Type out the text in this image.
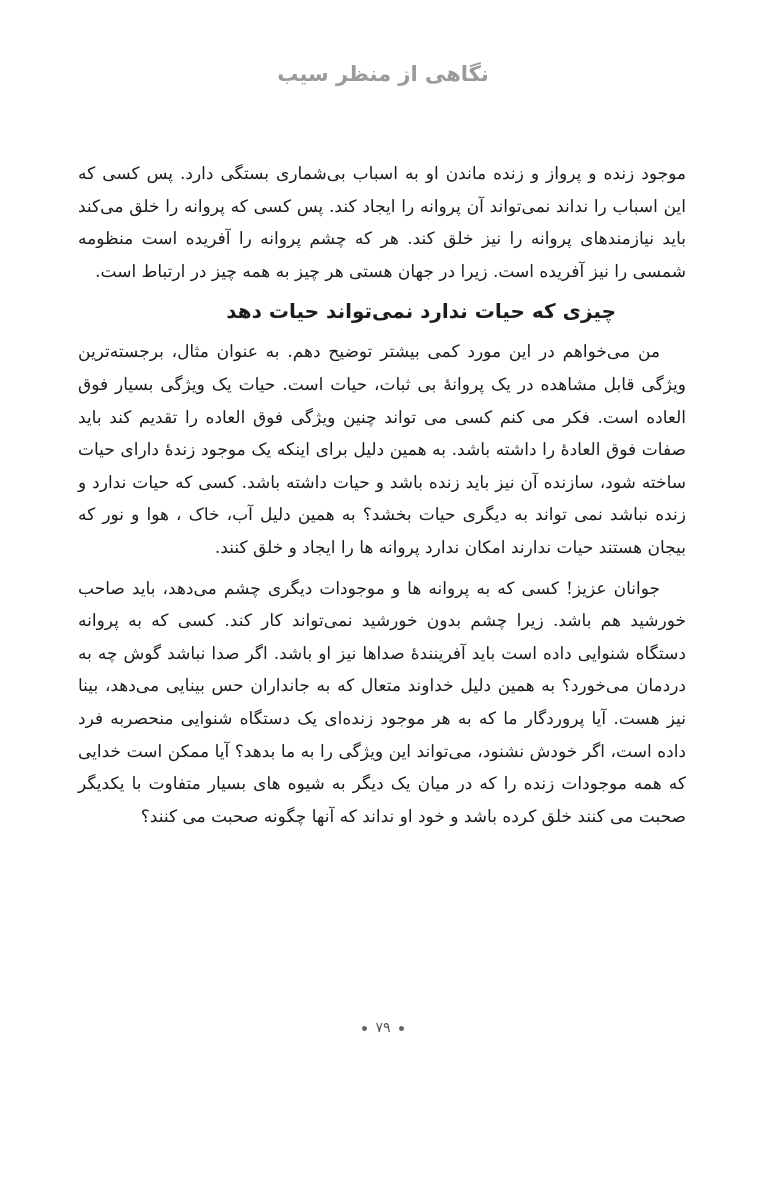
نگاهی از منظر سیب

موجود زنده و پرواز و زنده ماندن او به اسباب بی‌شماری بستگی دارد. پس کسی که این اسباب را نداند نمی‌تواند آن پروانه را ایجاد کند. پس کسی که پروانه را خلق می‌کند باید نیازمندهای پروانه را نیز خلق کند. هر که چشم پروانه را آفریده است منظومه شمسی را نیز آفریده است. زیرا در جهان هستی هر چیز به همه چیز در ارتباط است.

چیزی که حیات ندارد نمی‌تواند حیات دهد

من می‌خواهم در این مورد کمی بیشتر توضیح دهم. به عنوان مثال، برجسته‌ترین ویژگی قابل مشاهده در یک پروانهٔ بی ثبات، حیات است. حیات یک ویژگی بسیار فوق العاده است. فکر می کنم کسی می تواند چنین ویژگی فوق العاده را تقدیم کند باید صفات فوق العادهٔ را داشته باشد. به همین دلیل برای اینکه یک موجود زندهٔ دارای حیات ساخته شود، سازنده آن نیز باید زنده باشد و حیات داشته باشد. کسی که حیات ندارد و زنده نباشد نمی تواند به دیگری حیات بخشد؟ به همین دلیل آب، خاک ، هوا و نور که بیجان هستند حیات ندارند امکان ندارد پروانه ها را ایجاد و خلق کنند.

جوانان عزیز! کسی که به پروانه ها و موجودات دیگری چشم می‌دهد، باید صاحب خورشید هم باشد. زیرا چشم بدون خورشید نمی‌تواند کار کند. کسی که به پروانه دستگاه شنوایی داده است باید آفرینندهٔ صداها نیز او باشد. اگر صدا نباشد گوش چه به دردمان می‌خورد؟ به همین دلیل خداوند متعال که به جانداران حس بینایی می‌دهد، بینا نیز هست. آیا پروردگار ما که به هر موجود زنده‌ای یک دستگاه شنوایی منحصربه فرد داده است، اگر خودش نشنود، می‌تواند این ویژگی را به ما بدهد؟ آیا ممکن است خدایی که همه موجودات زنده را که در میان یک دیگر به شیوه های بسیار متفاوت با یکدیگر صحبت می کنند خلق کرده باشد و خود او نداند که آنها چگونه صحبت می کنند؟

۷۹
